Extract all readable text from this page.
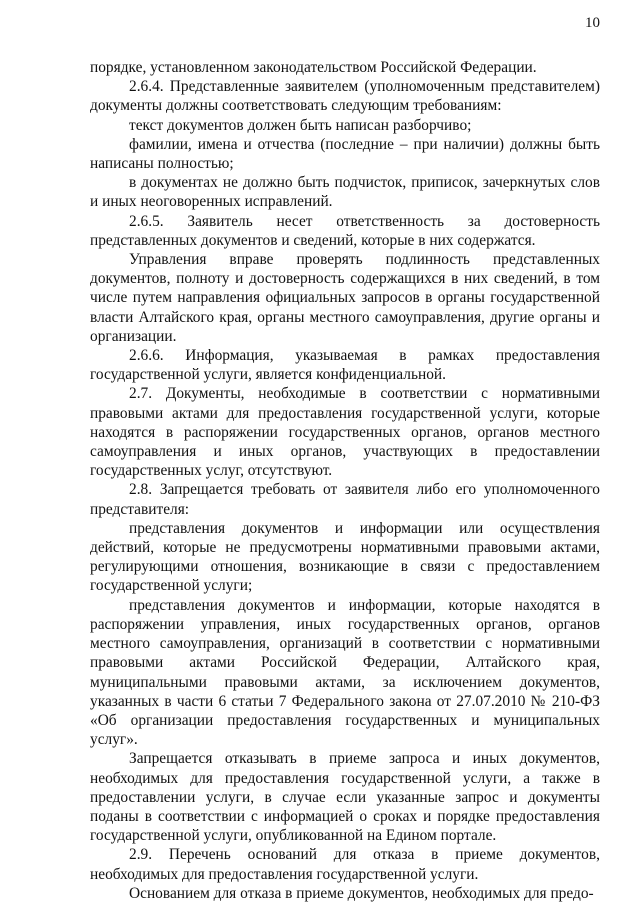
10

порядке, установленном законодательством Российской Федерации.

2.6.4. Представленные заявителем (уполномоченным представителем) документы должны соответствовать следующим требованиям:

текст документов должен быть написан разборчиво;

фамилии, имена и отчества (последние – при наличии) должны быть написаны полностью;

в документах не должно быть подчисток, приписок, зачеркнутых слов и иных неоговоренных исправлений.

2.6.5. Заявитель несет ответственность за достоверность представленных документов и сведений, которые в них содержатся.

Управления вправе проверять подлинность представленных документов, полноту и достоверность содержащихся в них сведений, в том числе путем направления официальных запросов в органы государственной власти Алтайского края, органы местного самоуправления, другие органы и организации.

2.6.6. Информация, указываемая в рамках предоставления государственной услуги, является конфиденциальной.

2.7. Документы, необходимые в соответствии с нормативными правовыми актами для предоставления государственной услуги, которые находятся в распоряжении государственных органов, органов местного самоуправления и иных органов, участвующих в предоставлении государственных услуг, отсутствуют.

2.8. Запрещается требовать от заявителя либо его уполномоченного представителя:

представления документов и информации или осуществления действий, которые не предусмотрены нормативными правовыми актами, регулирующими отношения, возникающие в связи с предоставлением государственной услуги;

представления документов и информации, которые находятся в распоряжении управления, иных государственных органов, органов местного самоуправления, организаций в соответствии с нормативными правовыми актами Российской Федерации, Алтайского края, муниципальными правовыми актами, за исключением документов, указанных в части 6 статьи 7 Федерального закона от 27.07.2010 № 210-ФЗ «Об организации предоставления государственных и муниципальных услуг».

Запрещается отказывать в приеме запроса и иных документов, необходимых для предоставления государственной услуги, а также в предоставлении услуги, в случае если указанные запрос и документы поданы в соответствии с информацией о сроках и порядке предоставления государственной услуги, опубликованной на Едином портале.

2.9. Перечень оснований для отказа в приеме документов, необходимых для предоставления государственной услуги.

Основанием для отказа в приеме документов, необходимых для предо-
